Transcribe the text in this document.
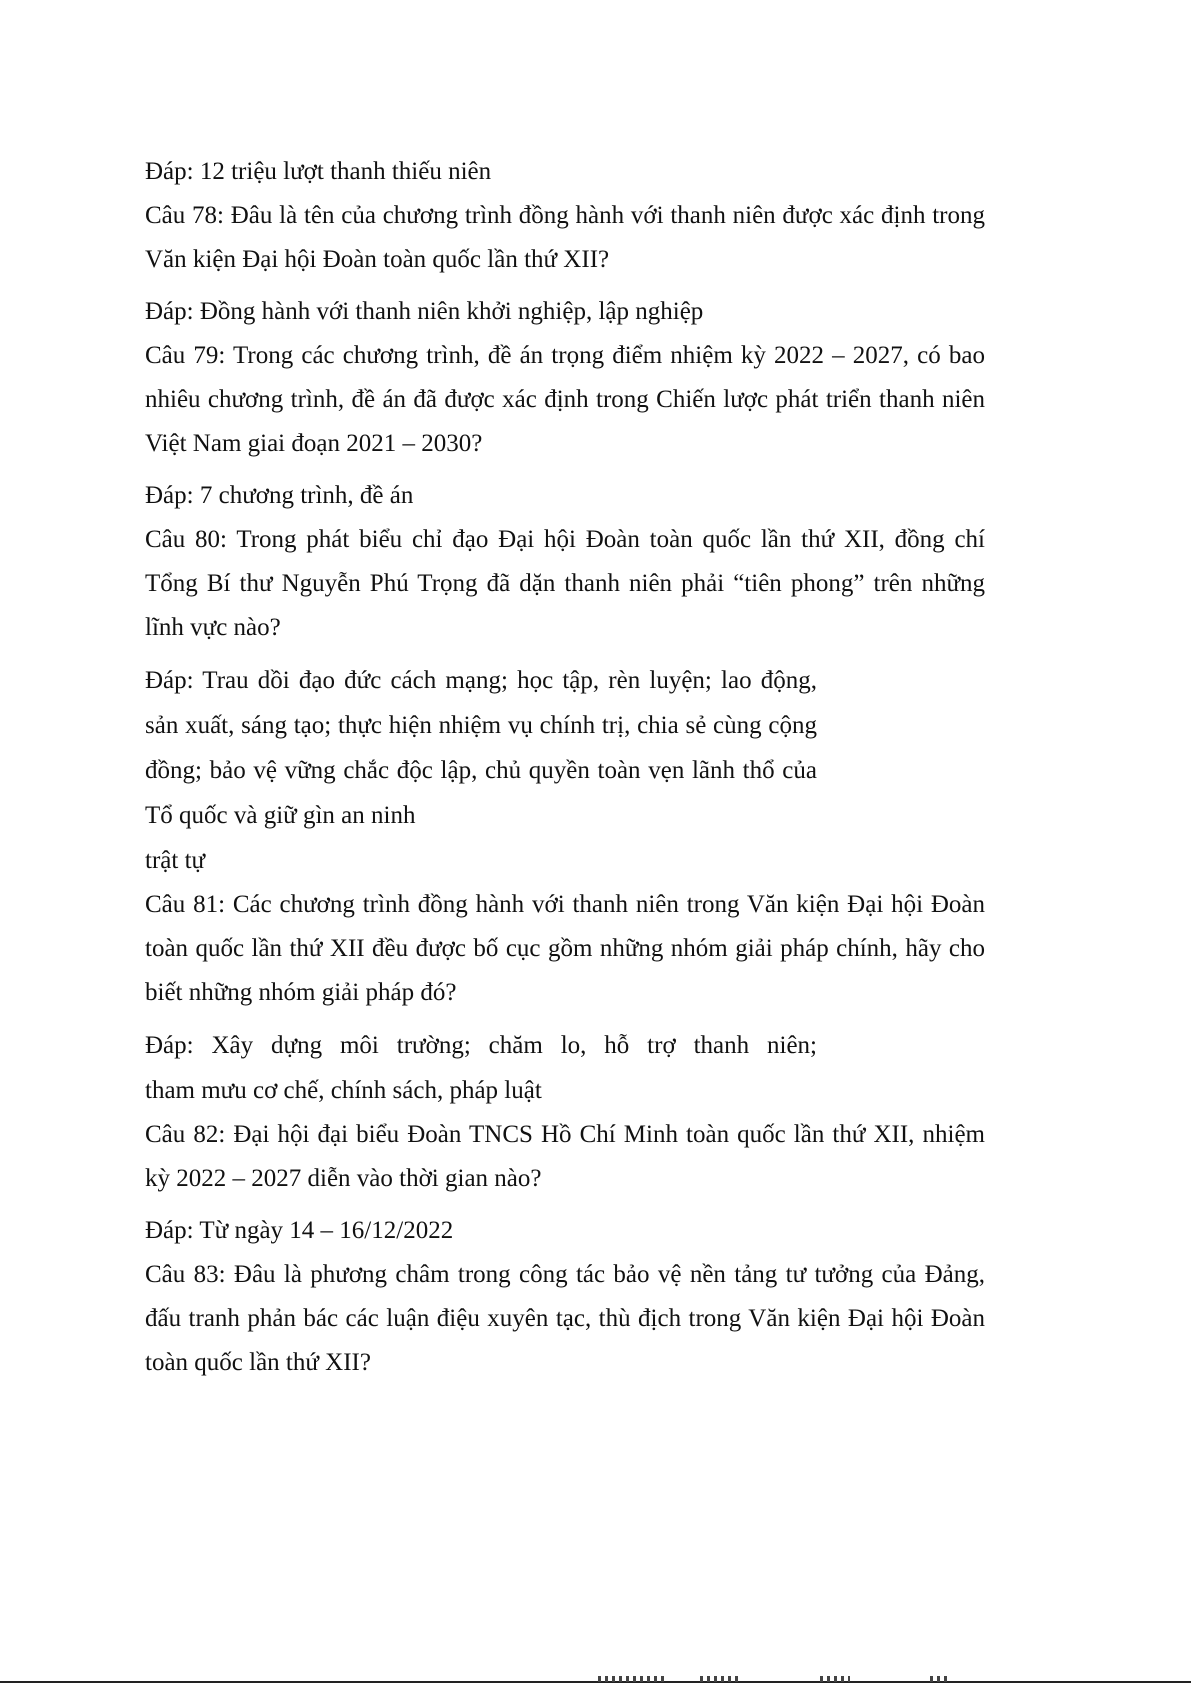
Đáp: 12 triệu lượt thanh thiếu niên

Câu 78: Đâu là tên của chương trình đồng hành với thanh niên được xác định trong Văn kiện Đại hội Đoàn toàn quốc lần thứ XII?

Đáp: Đồng hành với thanh niên khởi nghiệp, lập nghiệp

Câu 79: Trong các chương trình, đề án trọng điểm nhiệm kỳ 2022 – 2027, có bao nhiêu chương trình, đề án đã được xác định trong Chiến lược phát triển thanh niên Việt Nam giai đoạn 2021 – 2030?

Đáp: 7 chương trình, đề án

Câu 80: Trong phát biểu chỉ đạo Đại hội Đoàn toàn quốc lần thứ XII, đồng chí Tổng Bí thư Nguyễn Phú Trọng đã dặn thanh niên phải “tiên phong” trên những lĩnh vực nào?

Đáp: Trau dồi đạo đức cách mạng; học tập, rèn luyện; lao động, sản xuất, sáng tạo; thực hiện nhiệm vụ chính trị, chia sẻ cùng cộng đồng; bảo vệ vững chắc độc lập, chủ quyền toàn vẹn lãnh thổ của Tổ quốc và giữ gìn an ninh
trật tự

Câu 81: Các chương trình đồng hành với thanh niên trong Văn kiện Đại hội Đoàn toàn quốc lần thứ XII đều được bố cục gồm những nhóm giải pháp chính, hãy cho biết những nhóm giải pháp đó?

Đáp: Xây dựng môi trường; chăm lo, hỗ trợ thanh niên;
tham mưu cơ chế, chính sách, pháp luật

Câu 82: Đại hội đại biểu Đoàn TNCS Hồ Chí Minh toàn quốc lần thứ XII, nhiệm kỳ 2022 – 2027 diễn vào thời gian nào?

Đáp: Từ ngày 14 – 16/12/2022

Câu 83: Đâu là phương châm trong công tác bảo vệ nền tảng tư tưởng của Đảng, đấu tranh phản bác các luận điệu xuyên tạc, thù địch trong Văn kiện Đại hội Đoàn toàn quốc lần thứ XII?
